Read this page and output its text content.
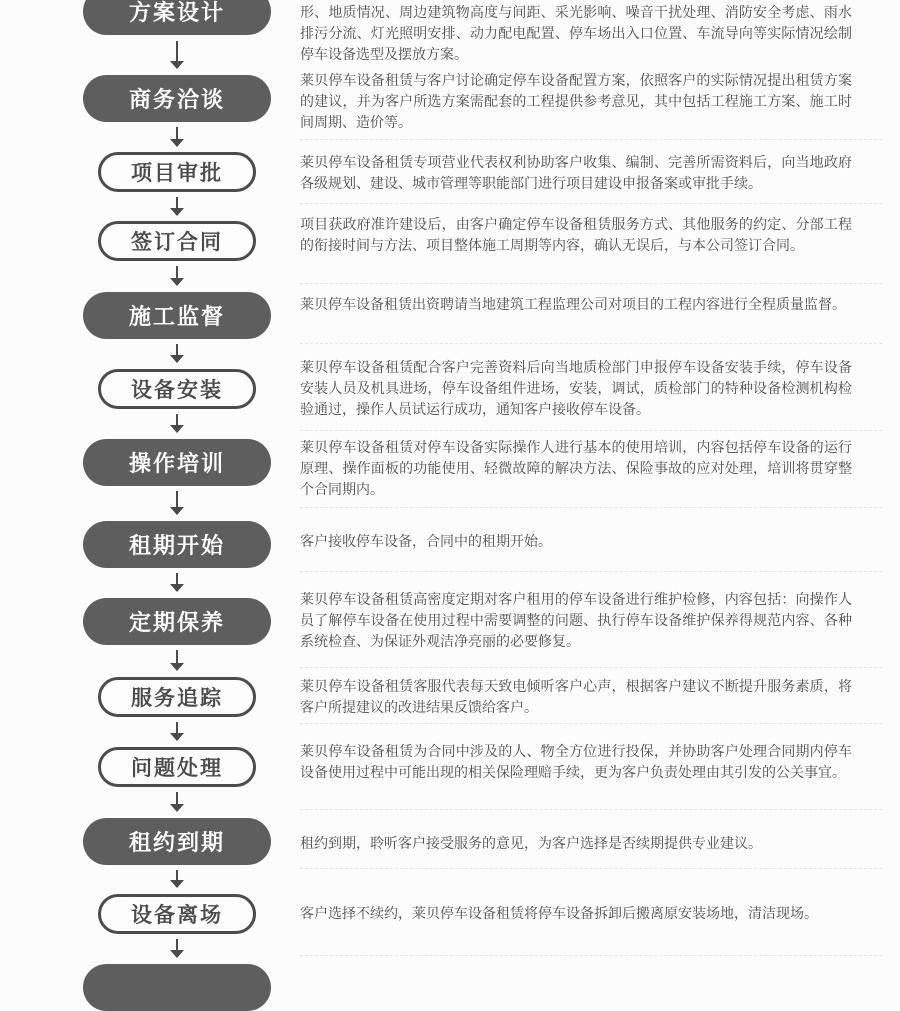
方案设计
商务洽谈
项目审批
签订合同
施工监督
设备安装
操作培训
租期开始
定期保养
服务追踪
问题处理
租约到期
设备离场
形、地质情况、周边建筑物高度与间距、采光影响、噪音干扰处理、消防安全考虑、雨水排污分流、灯光照明安排、动力配电配置、停车场出入口位置、车流导向等实际情况绘制停车设备选型及摆放方案。
莱贝停车设备租赁与客户讨论确定停车设备配置方案，依照客户的实际情况提出租赁方案的建议，并为客户所选方案需配套的工程提供参考意见，其中包括工程施工方案、施工时间周期、造价等。
莱贝停车设备租赁专项营业代表权利协助客户收集、编制、完善所需资料后，向当地政府各级规划、建设、城市管理等职能部门进行项目建设申报备案或审批手续。
项目获政府准许建设后，由客户确定停车设备租赁服务方式、其他服务的约定、分部工程的衔接时间与方法、项目整体施工周期等内容，确认无误后，与本公司签订合同。
莱贝停车设备租赁出资聘请当地建筑工程监理公司对项目的工程内容进行全程质量监督。
莱贝停车设备租赁配合客户完善资料后向当地质检部门申报停车设备安装手续，停车设备安装人员及机具进场，停车设备组件进场，安装，调试，质检部门的特种设备检测机构检验通过，操作人员试运行成功，通知客户接收停车设备。
莱贝停车设备租赁对停车设备实际操作人进行基本的使用培训，内容包括停车设备的运行原理、操作面板的功能使用、轻微故障的解决方法、保险事故的应对处理，培训将贯穿整个合同期内。
客户接收停车设备，合同中的租期开始。
莱贝停车设备租赁高密度定期对客户租用的停车设备进行维护检修，内容包括：向操作人员了解停车设备在使用过程中需要调整的问题、执行停车设备维护保养得规范内容、各种系统检查、为保证外观洁净亮丽的必要修复。
莱贝停车设备租赁客服代表每天致电倾听客户心声，根据客户建议不断提升服务素质，将客户所提建议的改进结果反馈给客户。
莱贝停车设备租赁为合同中涉及的人、物全方位进行投保，并协助客户处理合同期内停车设备使用过程中可能出现的相关保险理赔手续，更为客户负责处理由其引发的公关事宜。
租约到期，聆听客户接受服务的意见，为客户选择是否续期提供专业建议。
客户选择不续约，莱贝停车设备租赁将停车设备拆卸后搬离原安装场地，清洁现场。
